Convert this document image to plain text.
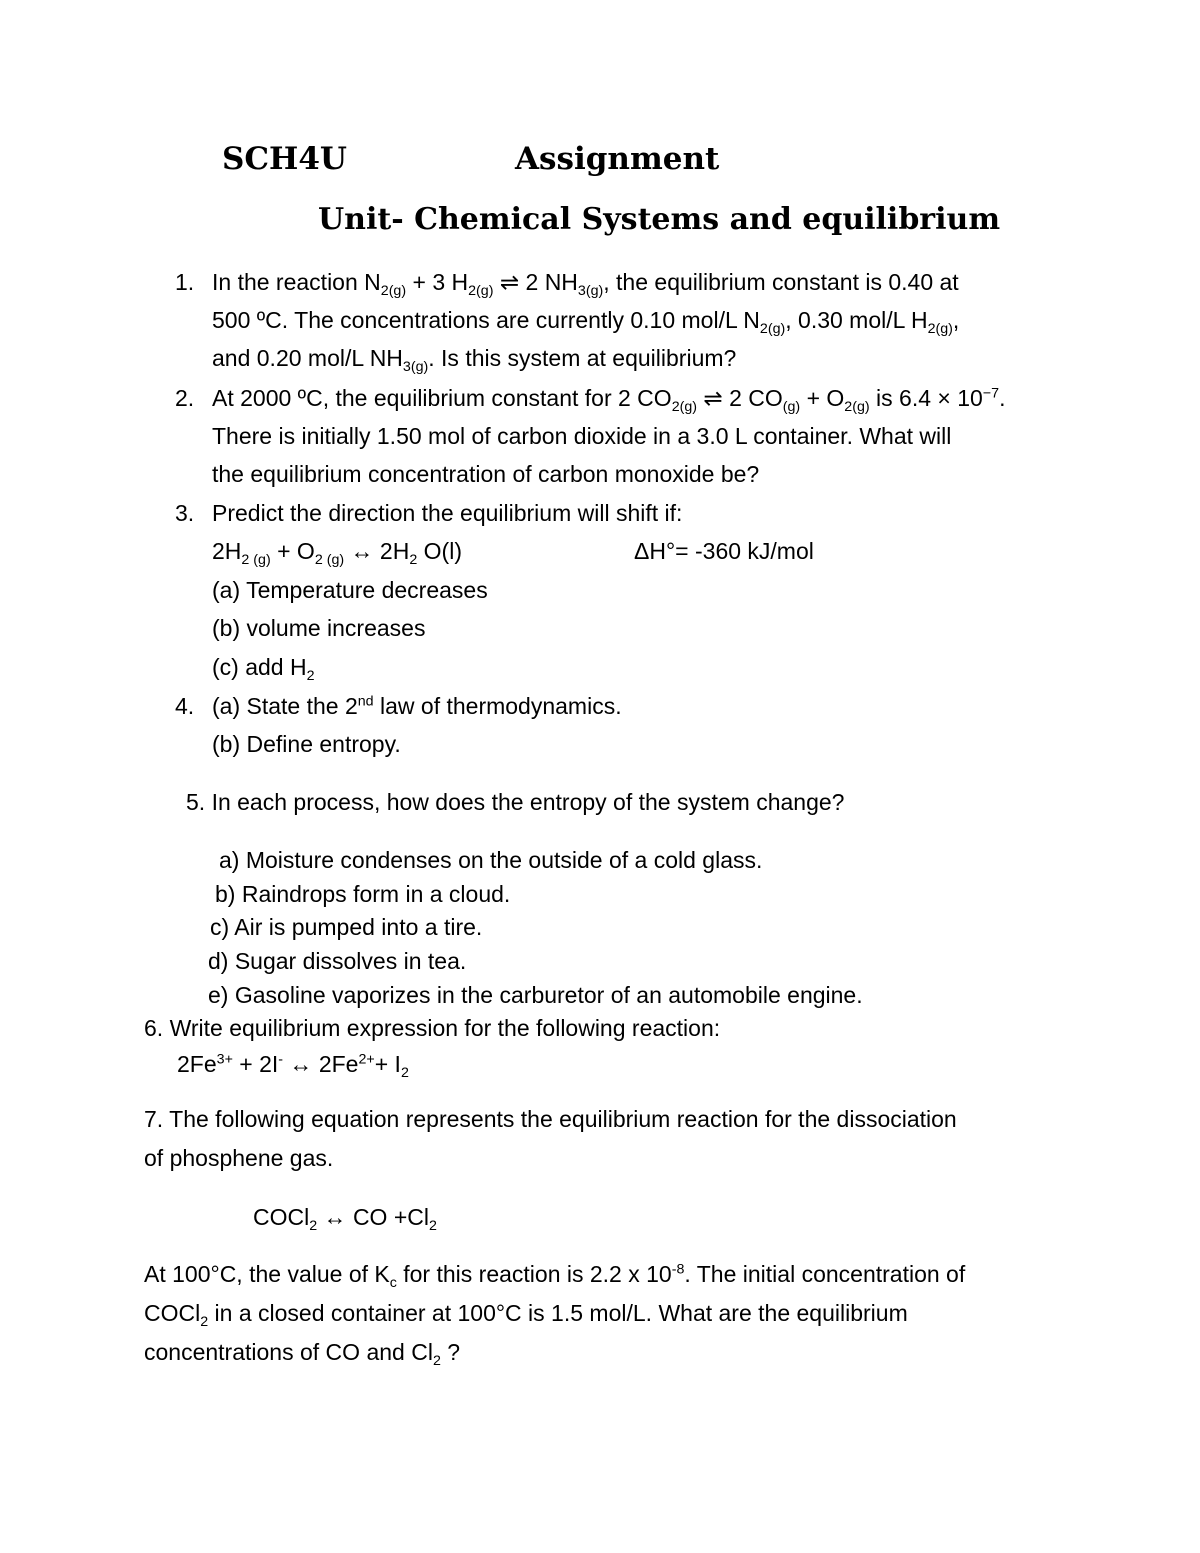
SCH4U	Assignment
Unit- Chemical Systems and equilibrium
1. In the reaction $N_{2(g)} + 3$ $H_{2(g)}$ ⇌ 2 $NH_{3(g)}$, the equilibrium constant is 0.40 at
500 ºC. The concentrations are currently 0.10 mol/L $N_{2(g)}$, 0.30 mol/L $H_{2(g)}$,
and 0.20 mol/L $NH_{3(g)}$. Is this system at equilibrium?
2. At 2000 ºC, the equilibrium constant for 2 $CO_{2(g)}$ ⇌ 2 $CO_{(g)} + O_{2(g)}$ is $6.4 \times 10^{-7}$.
There is initially 1.50 mol of carbon dioxide in a 3.0 L container. What will
the equilibrium concentration of carbon monoxide be?
3. Predict the direction the equilibrium will shift if:
$2H_{2 (g)} + O_{2 (g)}$ ↔ $2H_2$ O(l)	ΔH°= -360 kJ/mol
(a) Temperature decreases
(b) volume increases
(c) add $H_2$
4. (a) State the 2nd law of thermodynamics.
(b) Define entropy.
5. In each process, how does the entropy of the system change?
a) Moisture condenses on the outside of a cold glass.
b) Raindrops form in a cloud.
c) Air is pumped into a tire.
d) Sugar dissolves in tea.
e) Gasoline vaporizes in the carburetor of an automobile engine.
6. Write equilibrium expression for the following reaction:
$2Fe^{3+} + 2I^-$ ↔ $2Fe^{2+}+ I_2$
7. The following equation represents the equilibrium reaction for the dissociation
of phosphene gas.
COCl$_2$ ↔ CO $+Cl_2$
At 100°C, the value of $K_c$ for this reaction is 2.2 x $10^{-8}$. The initial concentration of
COCl$_2$ in a closed container at 100°C is 1.5 mol/L. What are the equilibrium
concentrations of CO and $Cl_2$ ?
